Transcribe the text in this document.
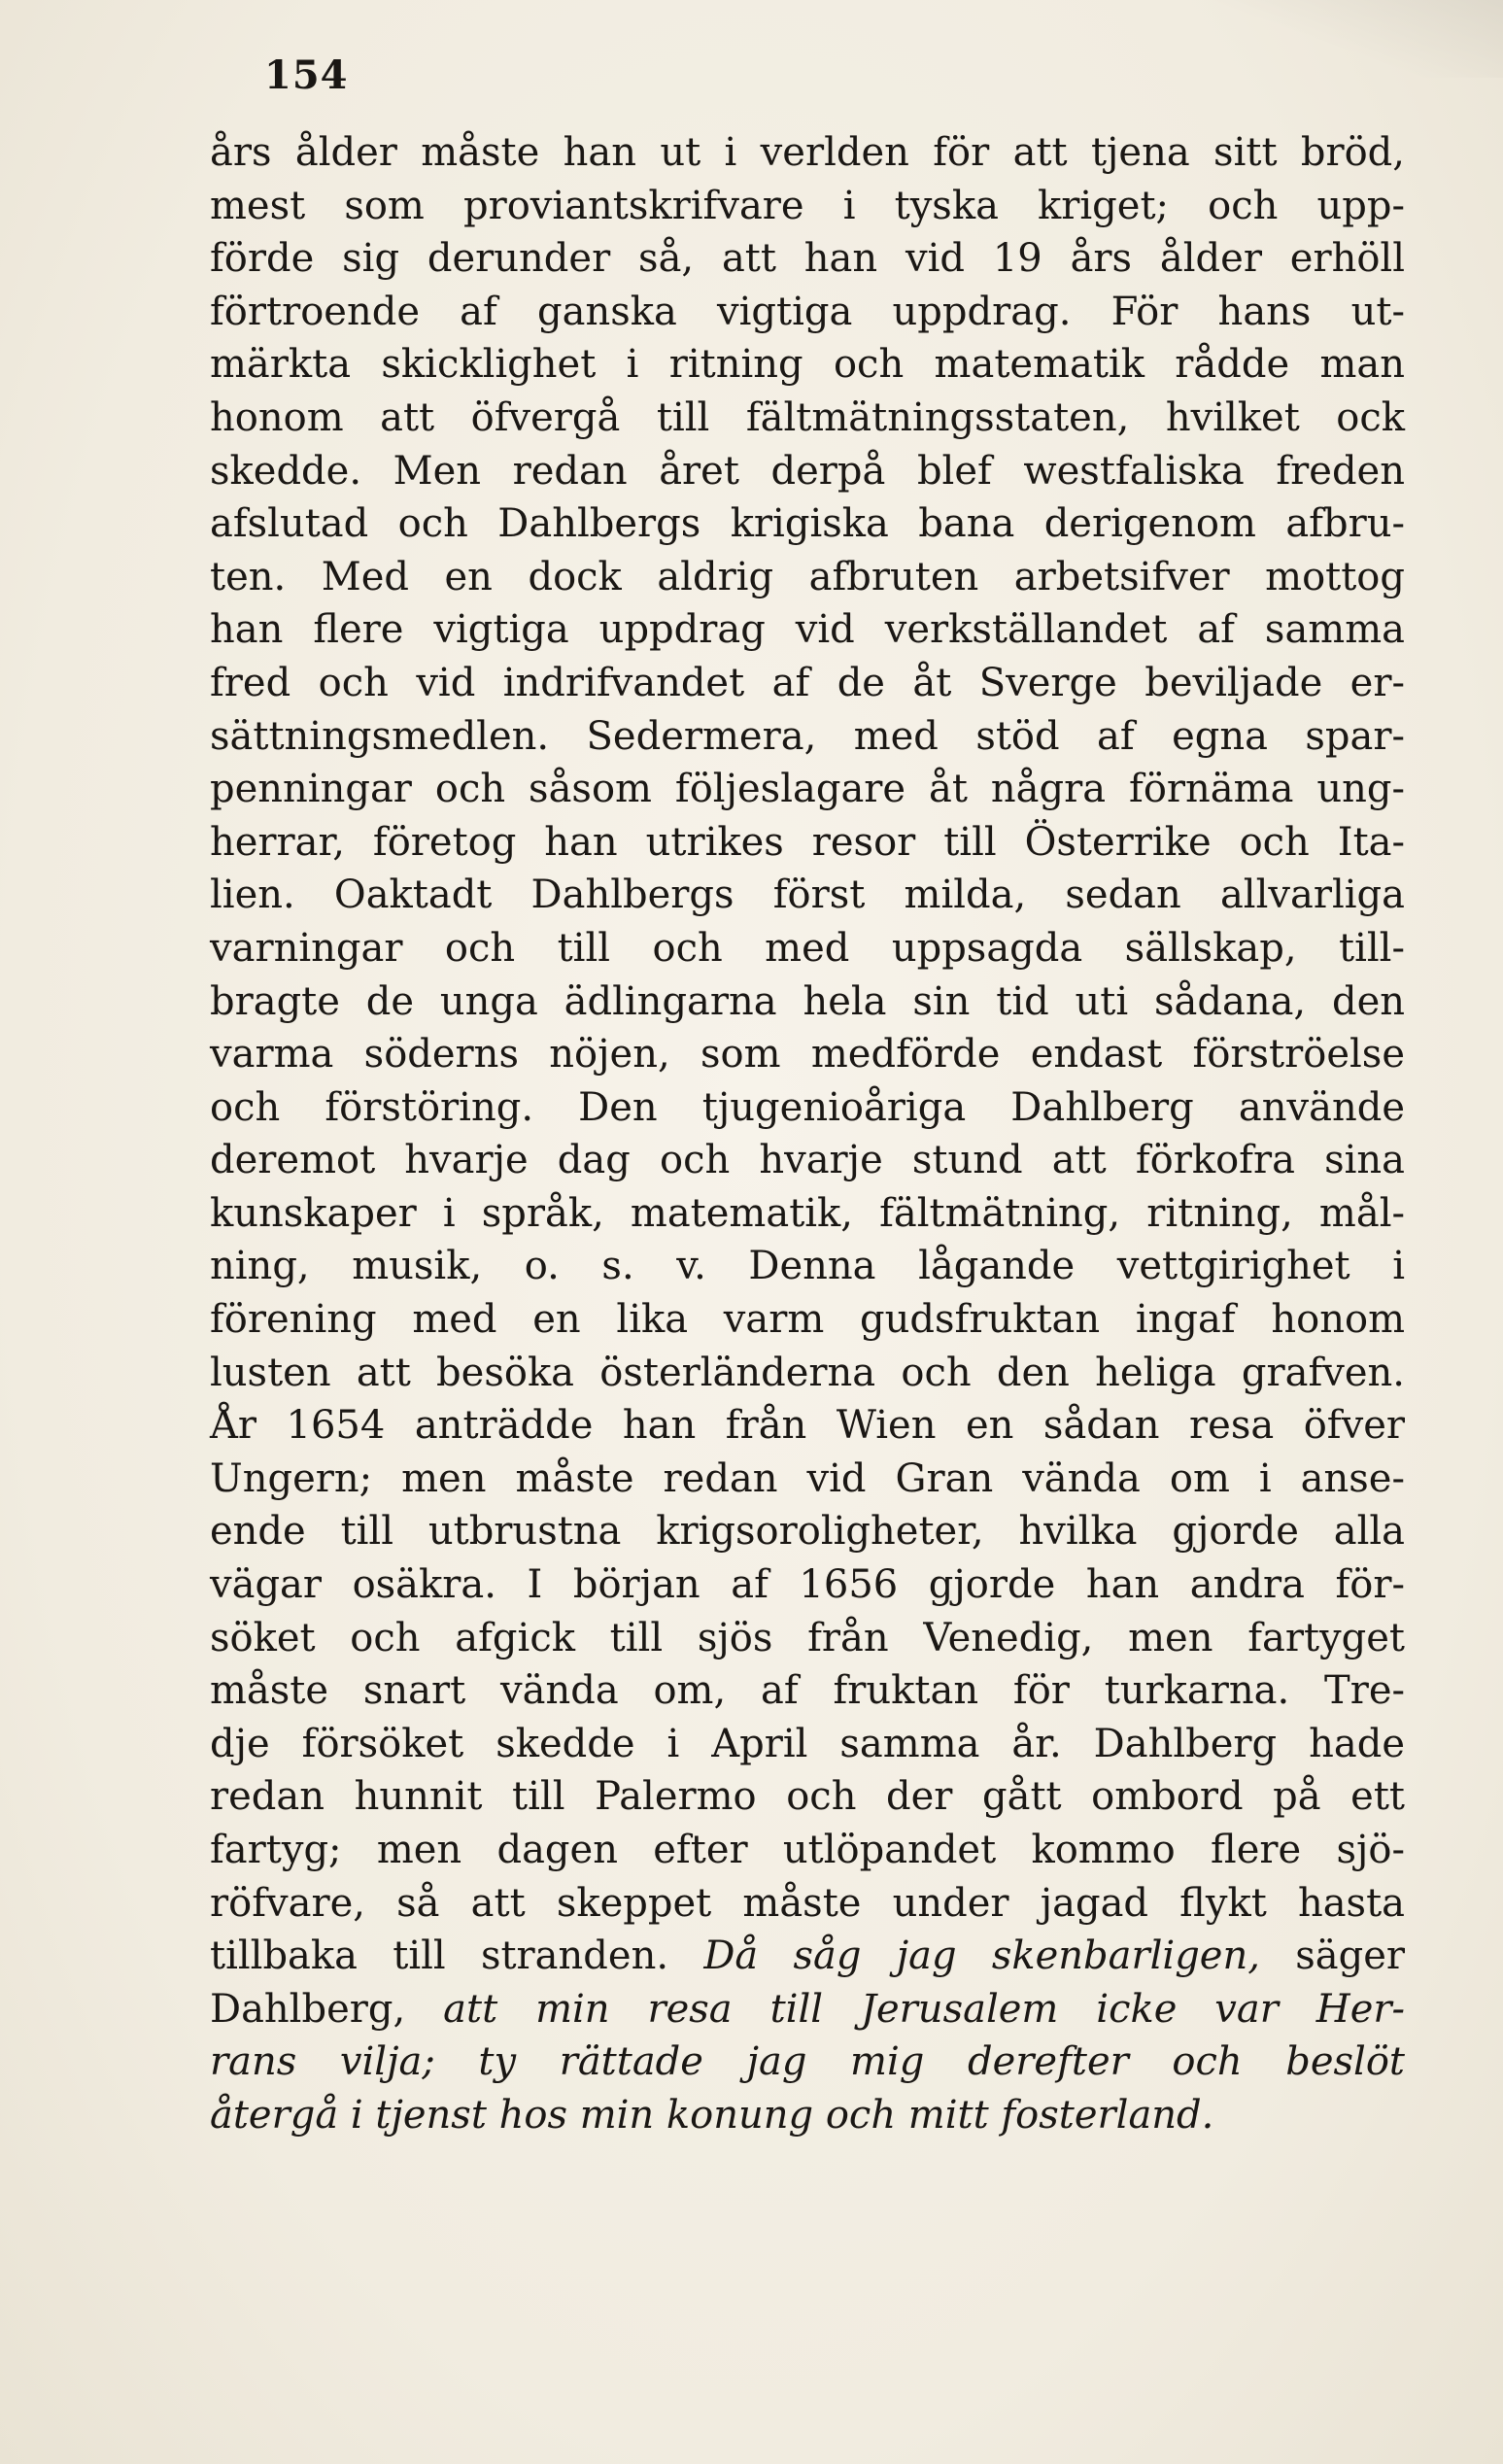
154
års ålder måste han ut i verlden för att tjena sitt bröd,
mest som proviantskrifvare i tyska kriget; och upp-
förde sig derunder så, att han vid 19 års ålder erhöll
förtroende af ganska vigtiga uppdrag. För hans ut-
märkta skicklighet i ritning och matematik rådde man
honom att öfvergå till fältmätningsstaten, hvilket ock
skedde. Men redan året derpå blef westfaliska freden
afslutad och Dahlbergs krigiska bana derigenom afbru-
ten. Med en dock aldrig afbruten arbetsifver mottog
han flere vigtiga uppdrag vid verkställandet af samma
fred och vid indrifvandet af de åt Sverge beviljade er-
sättningsmedlen. Sedermera, med stöd af egna spar-
penningar och såsom följeslagare åt några förnäma ung-
herrar, företog han utrikes resor till Österrike och Ita-
lien. Oaktadt Dahlbergs först milda, sedan allvarliga
varningar och till och med uppsagda sällskap, till-
bragte de unga ädlingarna hela sin tid uti sådana, den
varma söderns nöjen, som medförde endast förströelse
och förstöring. Den tjugenioåriga Dahlberg använde
deremot hvarje dag och hvarje stund att förkofra sina
kunskaper i språk, matematik, fältmätning, ritning, mål-
ning, musik, o. s. v. Denna lågande vettgirighet i
förening med en lika varm gudsfruktan ingaf honom
lusten att besöka österländerna och den heliga grafven.
År 1654 anträdde han från Wien en sådan resa öfver
Ungern; men måste redan vid Gran vända om i anse-
ende till utbrustna krigsoroligheter, hvilka gjorde alla
vägar osäkra. I början af 1656 gjorde han andra för-
söket och afgick till sjös från Venedig, men fartyget
måste snart vända om, af fruktan för turkarna. Tre-
dje försöket skedde i April samma år. Dahlberg hade
redan hunnit till Palermo och der gått ombord på ett
fartyg; men dagen efter utlöpandet kommo flere sjö-
röfvare, så att skeppet måste under jagad flykt hasta
tillbaka till stranden. Då såg jag skenbarligen, säger
Dahlberg, att min resa till Jerusalem icke var Her-
rans vilja; ty rättade jag mig derefter och beslöt
återgå i tjenst hos min konung och mitt fosterland.
